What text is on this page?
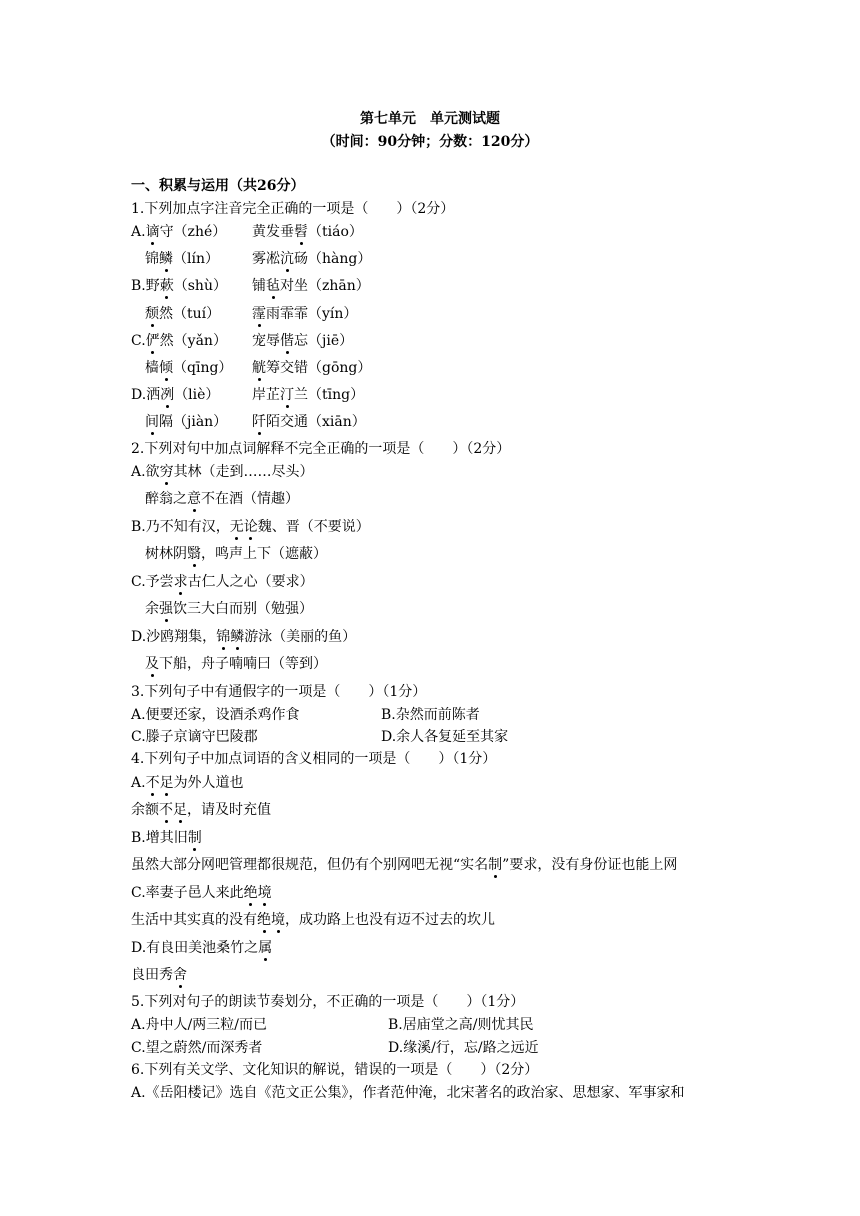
第七单元　单元测试题
（时间：90分钟；分数：120分）
一、积累与运用（共26分）
1.下列加点字注音完全正确的一项是（　　）（2分）
A.谪守（zhé） 黄发垂髫（tiáo）
　锦鳞（lín） 雾凇沆砀（hàng）
B.野蔌（shù） 铺毡对坐（zhān）
　颓然（tuí） 霪雨霏霏（yín）
C.俨然（yǎn） 宠辱偕忘（jiē）
　樯倾（qīng） 觥筹交错（gōng）
D.洒冽（liè） 岸芷汀兰（tīng）
　间隔（jiàn） 阡陌交通（xiān）
2.下列对句中加点词解释不完全正确的一项是（　　）（2分）
A.欲穷其林（走到……尽头）
　醉翁之意不在酒（情趣）
B.乃不知有汉，无论魏、晋（不要说）
　树林阴翳，鸣声上下（遮蔽）
C.予尝求古仁人之心（要求）
　余强饮三大白而别（勉强）
D.沙鸥翔集，锦鳞游泳（美丽的鱼）
　及下船，舟子喃喃曰（等到）
3.下列句子中有通假字的一项是（　　）（1分）
A.便要还家，设酒杀鸡作食	B.杂然而前陈者
C.滕子京谪守巴陵郡	D.余人各复延至其家
4.下列句子中加点词语的含义相同的一项是（　　）（1分）
A.不足为外人道也
余额不足，请及时充值
B.增其旧制
虽然大部分网吧管理都很规范，但仍有个别网吧无视“实名制”要求，没有身份证也能上网
C.率妻子邑人来此绝境
生活中其实真的没有绝境，成功路上也没有迈不过去的坎儿
D.有良田美池桑竹之属
良田秀舍
5.下列对句子的朗读节奏划分，不正确的一项是（　　）（1分）
A.舟中人/两三粒/而已	B.居庙堂之高/则忧其民
C.望之蔚然/而深秀者	D.缘溪/行，忘/路之远近
6.下列有关文学、文化知识的解说，错误的一项是（　　）（2分）
A.《岳阳楼记》选自《范文正公集》，作者范仲淹，北宋著名的政治家、思想家、军事家和
